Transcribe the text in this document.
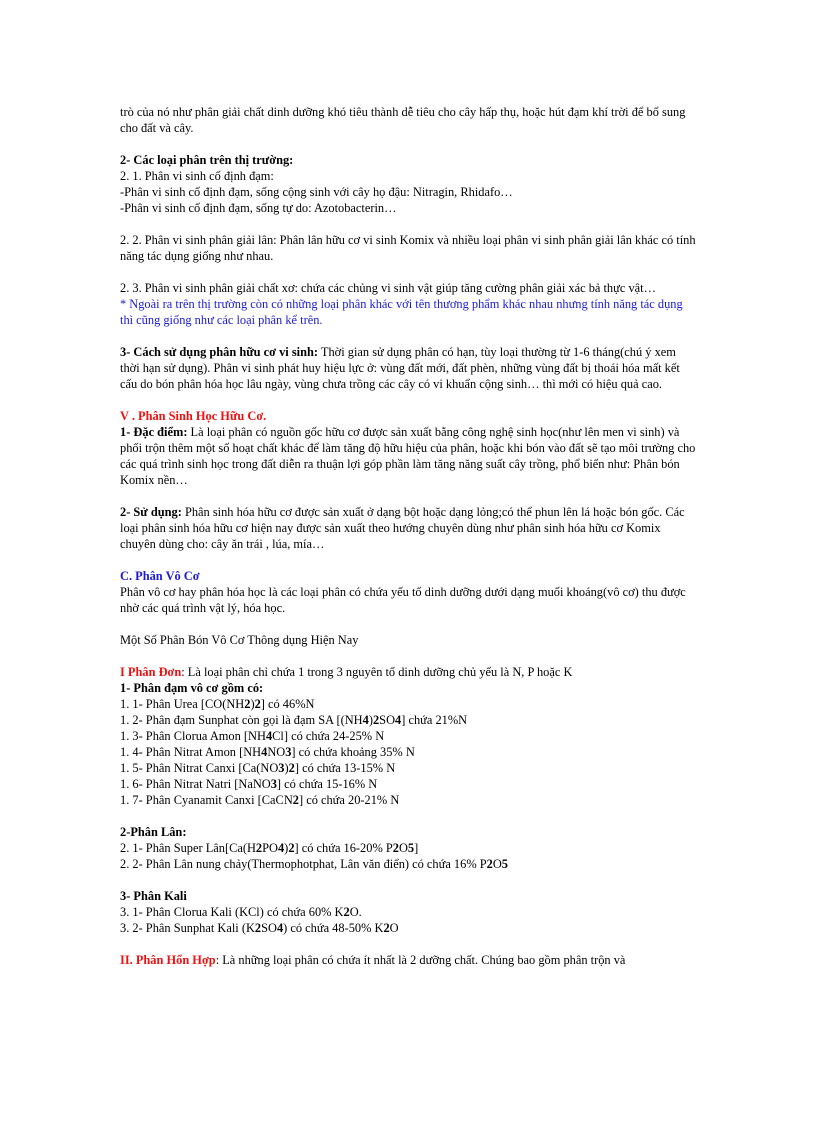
trò của nó như phân giải chất dinh dưỡng khó tiêu thành dễ tiêu cho cây hấp thụ, hoặc hút đạm khí trời để bổ sung cho đất và cây.

2- Các loại phân trên thị trường:

2. 1. Phân vi sinh cố định đạm:

-Phân vi sinh cố định đạm, sống cộng sinh với cây họ đậu: Nitragin, Rhidafo…

-Phân vi sinh cố định đạm, sống tự do: Azotobacterin…

2. 2. Phân vi sinh phân giải lân: Phân lân hữu cơ vi sinh Komix và nhiều loại phân vi sinh phân giải lân khác có tính năng tác dụng giống như nhau.

2. 3. Phân vi sinh phân giải chất xơ: chứa các chủng vi sinh vật giúp tăng cường phân giải xác bả thực vật…

* Ngoài ra trên thị trường còn có những loại phân khác với tên thương phẩm khác nhau nhưng tính năng tác dụng thì cũng giống như các loại phân kể trên.

3- Cách sử dụng phân hữu cơ vi sinh: Thời gian sử dụng phân có hạn, tùy loại thường từ 1-6 tháng(chú ý xem thời hạn sử dụng). Phân vi sinh phát huy hiệu lực ở: vùng đất mới, đất phèn, những vùng đất bị thoái hóa mất kết cấu do bón phân hóa học lâu ngày, vùng chưa trồng các cây có vi khuẩn cộng sinh… thì mới có hiệu quả cao.

V . Phân Sinh Học Hữu Cơ.

1- Đặc điểm: Là loại phân có nguồn gốc hữu cơ được sản xuất bằng công nghệ sinh học(như lên men vi sinh) và phối trộn thêm một số hoạt chất khác để làm tăng độ hữu hiệu của phân, hoặc khi bón vào đất sẽ tạo môi trường cho các quá trình sinh học trong đất diễn ra thuận lợi góp phần làm tăng năng suất cây trồng, phổ biến như: Phân bón Komix nền…

2- Sử dụng: Phân sinh hóa hữu cơ được sản xuất ở dạng bột hoặc dạng lỏng;có thể phun lên lá hoặc bón gốc. Các loại phân sinh hóa hữu cơ hiện nay được sản xuất theo hướng chuyên dùng như phân sinh hóa hữu cơ Komix chuyên dùng cho: cây ăn trái , lúa, mía…

C. Phân Vô Cơ

Phân vô cơ hay phân hóa học là các loại phân có chứa yếu tố dinh dưỡng dưới dạng muối khoáng(vô cơ) thu được nhờ các quá trình vật lý, hóa học.

Một Số Phân Bón Vô Cơ Thông dụng Hiện Nay

I Phân Đơn: Là loại phân chỉ chứa 1 trong 3 nguyên tố dinh dưỡng chủ yếu là N, P hoặc K

1- Phân đạm vô cơ gồm có:

1. 1- Phân Urea [CO(NH2)2] có 46%N

1. 2- Phân đạm Sunphat còn gọi là đạm SA [(NH4)2SO4] chứa 21%N

1. 3- Phân Clorua Amon [NH4Cl] có chứa 24-25% N

1. 4- Phân Nitrat Amon [NH4NO3] có chứa khoảng 35% N

1. 5- Phân Nitrat Canxi [Ca(NO3)2] có chứa 13-15% N

1. 6- Phân Nitrat Natri [NaNO3] có chứa 15-16% N

1. 7- Phân Cyanamit Canxi [CaCN2] có chứa 20-21% N

2-Phân Lân:

2. 1- Phân Super Lân[Ca(H2PO4)2] có chứa 16-20% P2O5]

2. 2- Phân Lân nung chảy(Thermophotphat, Lân văn điển) có chứa 16% P2O5

3- Phân Kali

3. 1- Phân Clorua Kali (KCl) có chứa 60% K2O.

3. 2- Phân Sunphat Kali (K2SO4) có chứa 48-50% K2O

II. Phân Hổn Hợp: Là những loại phân có chứa ít nhất là 2 dưỡng chất. Chúng bao gồm phân trộn và
